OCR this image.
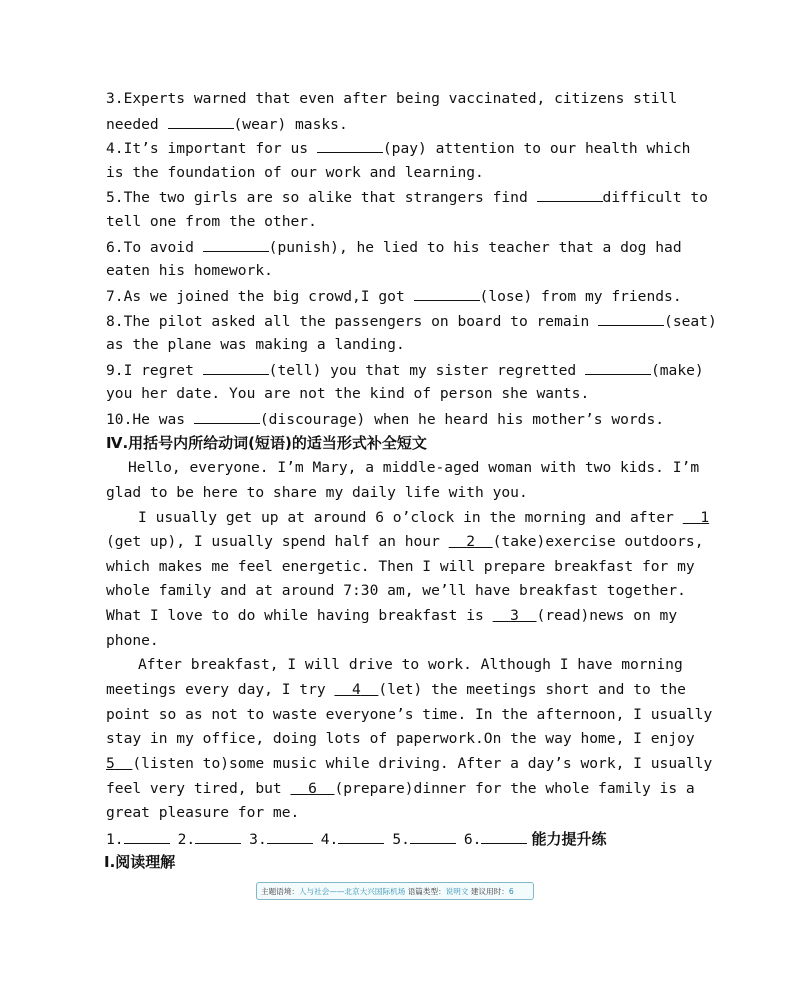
3.Experts warned that even after being vaccinated, citizens still
needed	(wear) masks.
4.It’s important for us	(pay) attention to our health which
is the foundation of our work and learning.
5.The two girls are so alike that strangers find	difficult to
tell one from the other.
6.To avoid	(punish), he lied to his teacher that a dog had
eaten his homework.
7.As we joined the big crowd,I got	(lose) from my friends.
8.The pilot asked all the passengers on board to remain	(seat)
as the plane was making a landing.
9.I regret	(tell) you that my sister regretted	(make)
you her date. You are not the kind of person she wants.
10.He was	(discourage) when he heard his mother’s words.
Ⅳ.用括号内所给动词(短语)的适当形式补全短文
Hello, everyone. I’m Mary, a middle-aged woman with two kids. I’m
glad to be here to share my daily life with you.
I usually get up at around 6 o’clock in the morning and after   1
(get up), I usually spend half an hour   2 (take)exercise outdoors,
which makes me feel energetic. Then I will prepare breakfast for my
whole family and at around 7:30 am, we’ll have breakfast together.
What I love to do while having breakfast is   3 (read)news on my
phone.
After breakfast, I will drive to work. Although I have morning
meetings every day, I try   4 (let) the meetings short and to the
point so as not to waste everyone’s time. In the afternoon, I usually
stay in my office, doing lots of paperwork.On the way home, I enjoy
5 (listen to)some music while driving. After a day’s work, I usually
feel very tired, but   6 (prepare)dinner for the whole family is a
great pleasure for me.
1.	2.	3.	4.	5.	6.	能力提升练
Ⅰ.阅读理解
主题语境：人与社会——北京大兴国际机场 语篇类型：说明文 建议用时：6
